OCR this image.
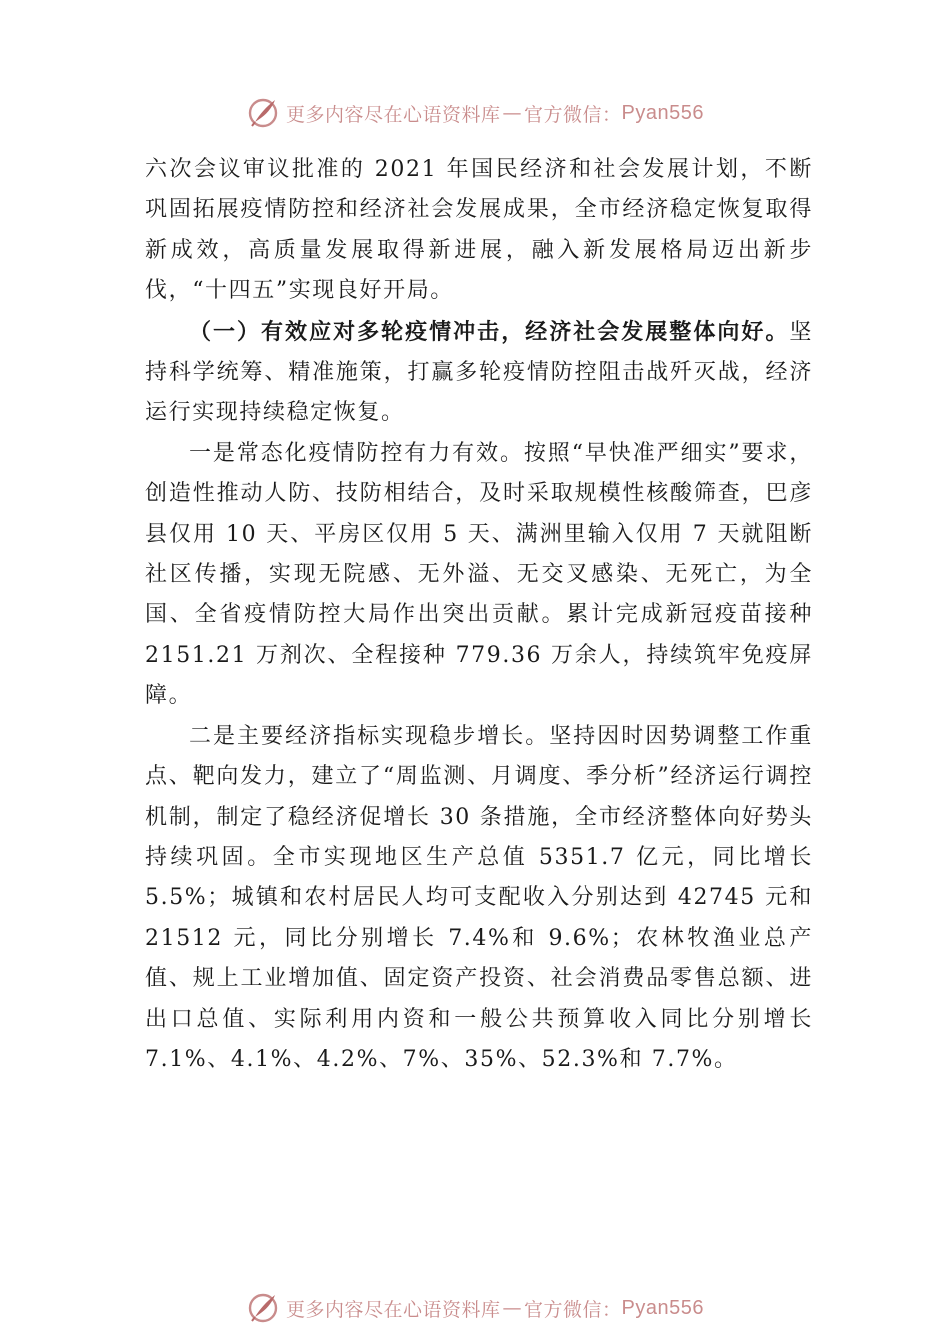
更多内容尽在心语资料库 — 官方微信： Pyan556

六次会议审议批准的 2021 年国民经济和社会发展计划，不断巩固拓展疫情防控和经济社会发展成果，全市经济稳定恢复取得新成效，高质量发展取得新进展，融入新发展格局迈出新步伐，“十四五”实现良好开局。

（一）有效应对多轮疫情冲击，经济社会发展整体向好。坚持科学统筹、精准施策，打赢多轮疫情防控阻击战歼灭战，经济运行实现持续稳定恢复。

一是常态化疫情防控有力有效。按照“早快准严细实”要求，创造性推动人防、技防相结合，及时采取规模性核酸筛查，巴彦县仅用 10 天、平房区仅用 5 天、满洲里输入仅用 7 天就阻断社区传播，实现无院感、无外溢、无交叉感染、无死亡，为全国、全省疫情防控大局作出突出贡献。累计完成新冠疫苗接种 2151.21 万剂次、全程接种 779.36 万余人，持续筑牢免疫屏障。

二是主要经济指标实现稳步增长。坚持因时因势调整工作重点、靶向发力，建立了“周监测、月调度、季分析”经济运行调控机制，制定了稳经济促增长 30 条措施，全市经济整体向好势头持续巩固。全市实现地区生产总值 5351.7 亿元，同比增长 5.5%；城镇和农村居民人均可支配收入分别达到 42745 元和 21512 元，同比分别增长 7.4%和 9.6%；农林牧渔业总产值、规上工业增加值、固定资产投资、社会消费品零售总额、进出口总值、实际利用内资和一般公共预算收入同比分别增长 7.1%、4.1%、4.2%、7%、35%、52.3%和 7.7%。

更多内容尽在心语资料库 — 官方微信： Pyan556
